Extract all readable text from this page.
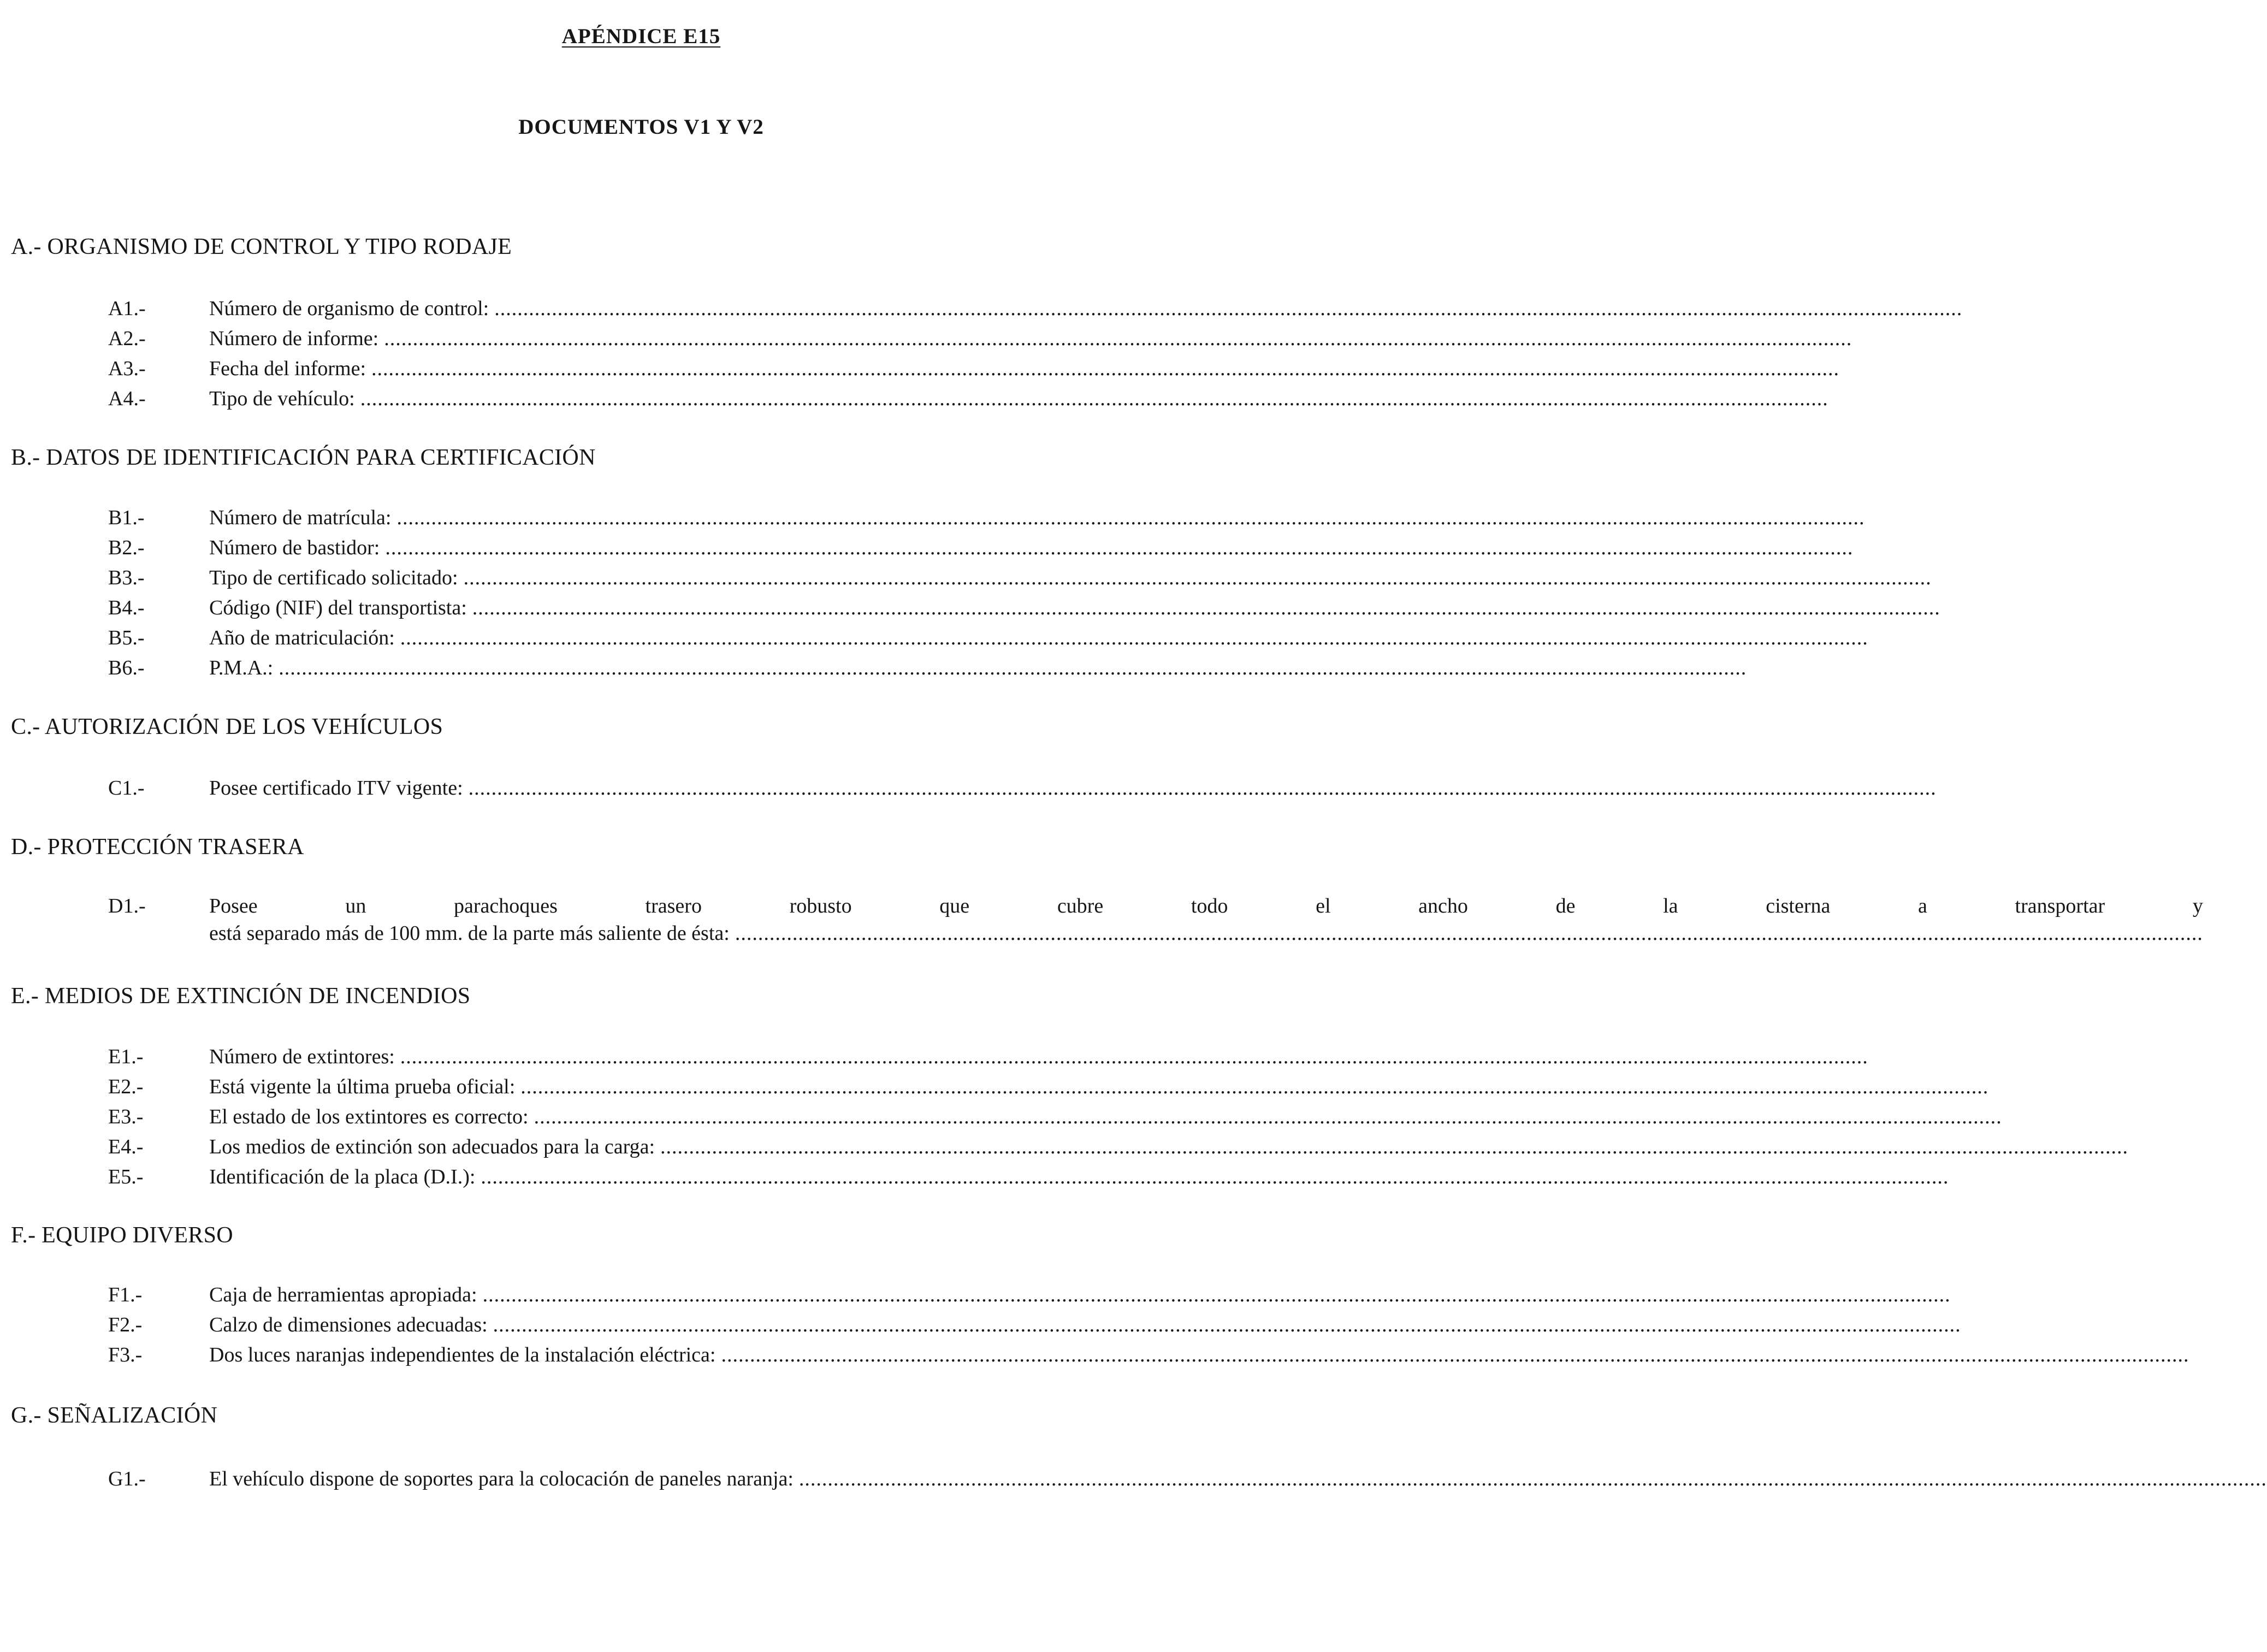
APÉNDICE E15
DOCUMENTOS V1 Y V2
A.- ORGANISMO DE CONTROL Y TIPO RODAJE
A1.-	Número de organismo de control:
.....
A2.-	Número de informe:
.....
A3.-	Fecha del informe:
.....
A4.-	Tipo de vehículo:
.....
B.- DATOS DE IDENTIFICACIÓN PARA CERTIFICACIÓN
B1.-	Número de matrícula:
.....
B2.-	Número de bastidor:
.....
B3.-	Tipo de certificado solicitado:
.....
B4.-	Código (NIF) del transportista:
.....
B5.-	Año de matriculación:
.....
B6.-	P.M.A.:
.....
C.- AUTORIZACIÓN DE LOS VEHÍCULOS
C1.-	Posee certificado ITV vigente:
.....
D.- PROTECCIÓN TRASERA
D1.-	Posee un parachoques trasero robusto que cubre todo el ancho de la cisterna a transportar y
está separado más de 100 mm. de la parte más saliente de ésta:
.....
E.- MEDIOS DE EXTINCIÓN DE INCENDIOS
E1.-	Número de extintores:
.....
E2.-	Está vigente la última prueba oficial:
.....
E3.-	El estado de los extintores es correcto:
.....
E4.-	Los medios de extinción son adecuados para la carga:
.....
E5.-	Identificación de la placa (D.I.):
.....
F.- EQUIPO DIVERSO
F1.-	Caja de herramientas apropiada:
.....
F2.-	Calzo de dimensiones adecuadas:
.....
F3.-	Dos luces naranjas independientes de la instalación eléctrica:
.....
G.- SEÑALIZACIÓN
G1.-	El vehículo dispone de soportes para la colocación de paneles naranja:
.....
